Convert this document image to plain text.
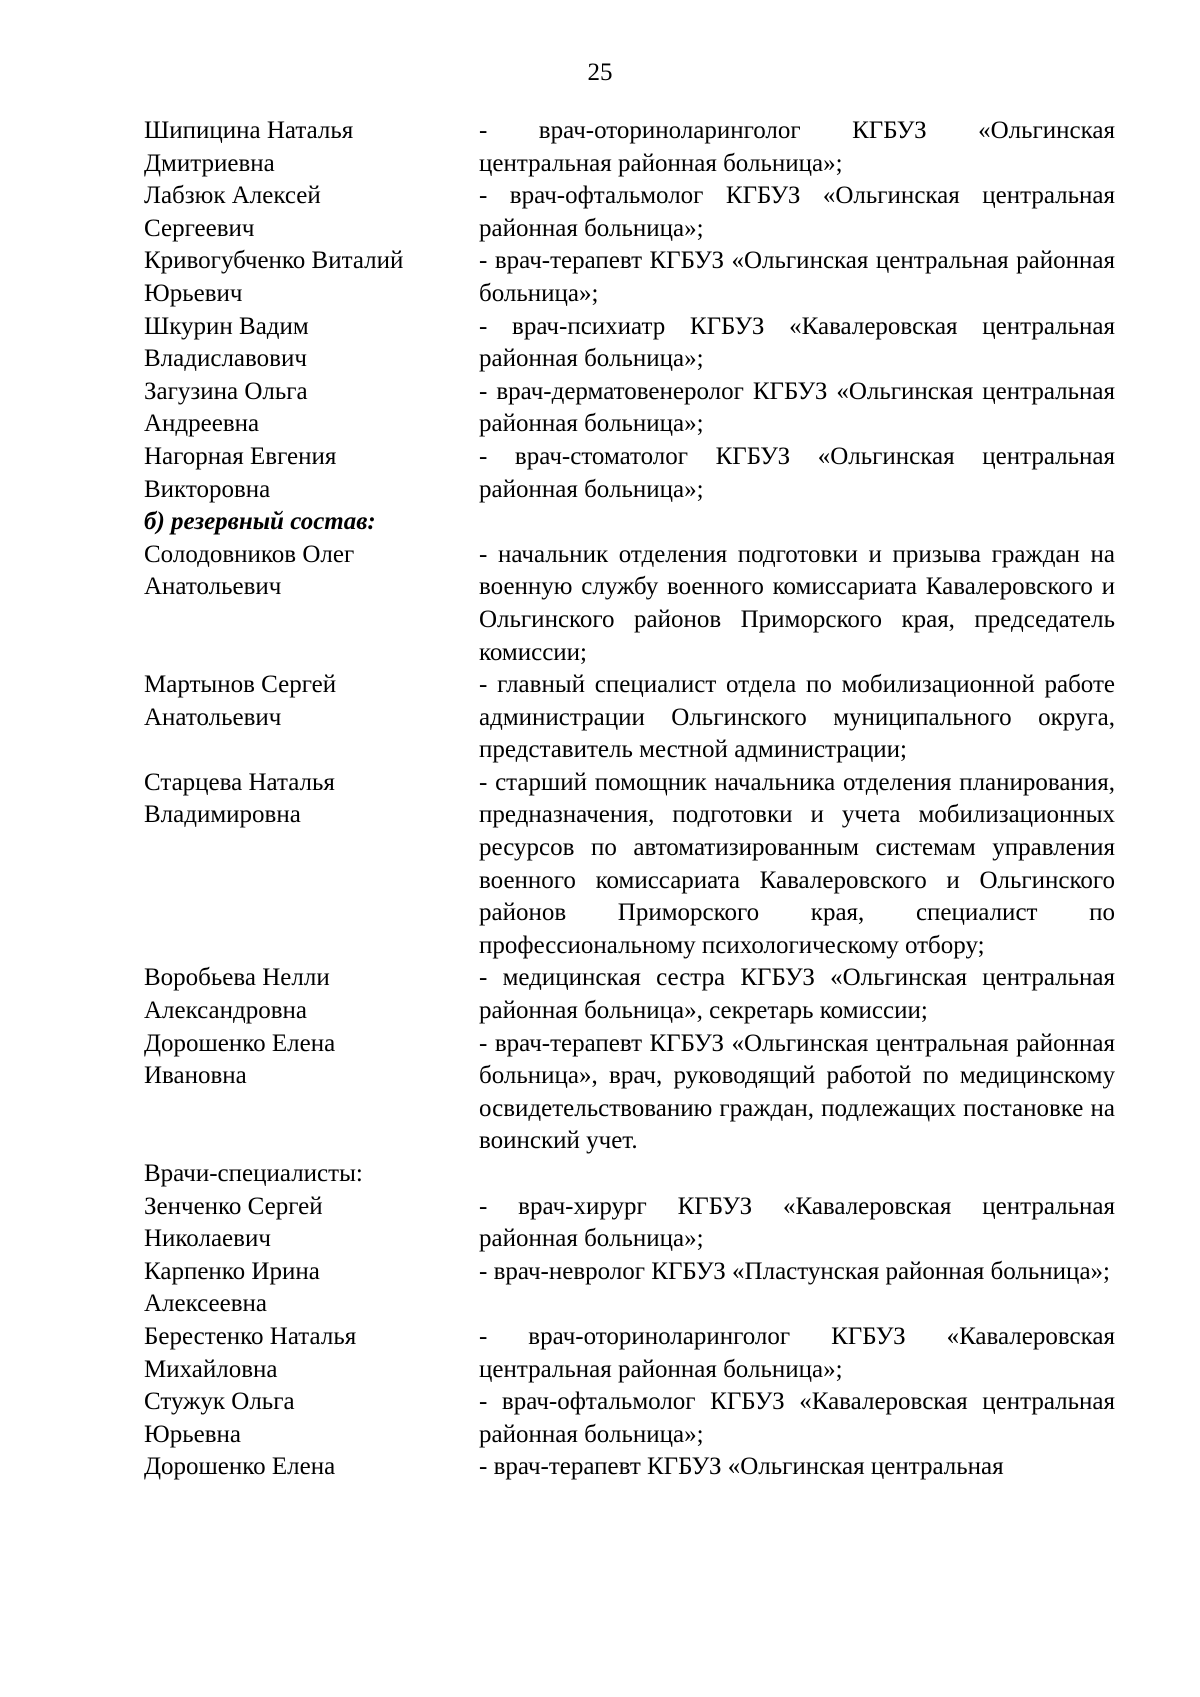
25
Шипицина Наталья
Дмитриевна
- врач-оториноларинголог КГБУЗ «Ольгинская центральная районная больница»;
Лабзюк Алексей
Сергеевич
- врач-офтальмолог КГБУЗ «Ольгинская центральная районная больница»;
Кривогубченко Виталий
Юрьевич
- врач-терапевт КГБУЗ «Ольгинская центральная районная больница»;
Шкурин Вадим
Владиславович
- врач-психиатр КГБУЗ «Кавалеровская центральная районная больница»;
Загузина Ольга
Андреевна
- врач-дерматовенеролог КГБУЗ «Ольгинская центральная районная больница»;
Нагорная Евгения
Викторовна
- врач-стоматолог КГБУЗ «Ольгинская центральная районная больница»;
б) резервный состав:
Солодовников Олег
Анатольевич
- начальник отделения подготовки и призыва граждан на военную службу военного комиссариата Кавалеровского и Ольгинского районов Приморского края, председатель комиссии;
Мартынов Сергей
Анатольевич
- главный специалист отдела по мобилизационной работе администрации Ольгинского муниципального округа, представитель местной администрации;
Старцева Наталья
Владимировна
- старший помощник начальника отделения планирования, предназначения, подготовки и учета мобилизационных ресурсов по автоматизированным системам управления военного комиссариата Кавалеровского и Ольгинского районов Приморского края, специалист по профессиональному психологическому отбору;
Воробьева Нелли
Александровна
- медицинская сестра КГБУЗ «Ольгинская центральная районная больница», секретарь комиссии;
Дорошенко Елена
Ивановна
- врач-терапевт КГБУЗ «Ольгинская центральная районная больница», врач, руководящий работой по медицинскому освидетельствованию граждан, подлежащих постановке на воинский учет.
Врачи-специалисты:
Зенченко Сергей
Николаевич
- врач-хирург КГБУЗ «Кавалеровская центральная районная больница»;
Карпенко Ирина
Алексеевна
- врач-невролог КГБУЗ «Пластунская районная больница»;
Берестенко Наталья
Михайловна
- врач-оториноларинголог КГБУЗ «Кавалеровская центральная районная больница»;
Стужук Ольга
Юрьевна
- врач-офтальмолог КГБУЗ «Кавалеровская центральная районная больница»;
Дорошенко Елена	- врач-терапевт КГБУЗ «Ольгинская центральная
